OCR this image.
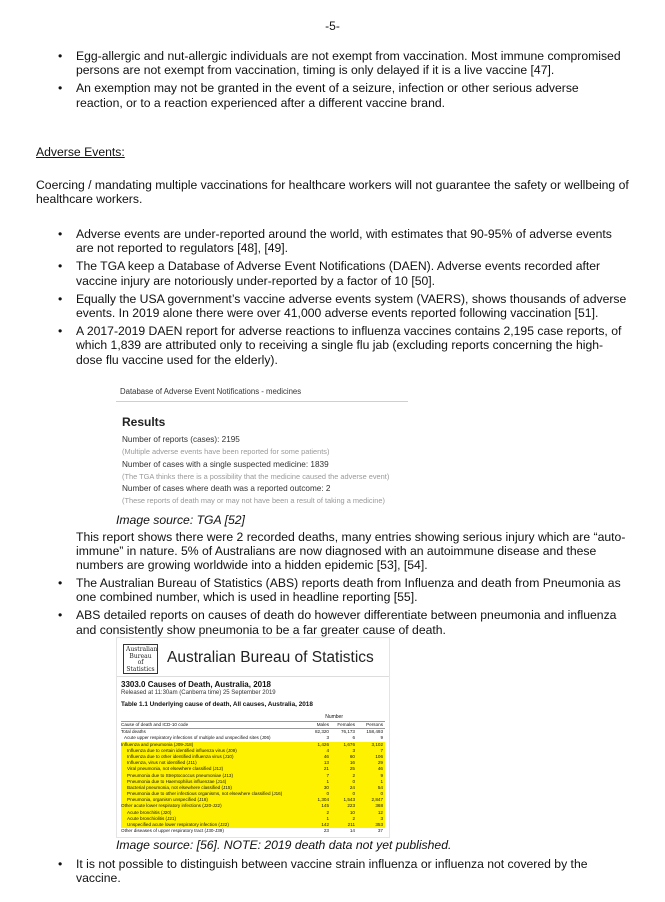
-5-
• Egg-allergic and nut-allergic individuals are not exempt from vaccination. Most immune compromised persons are not exempt from vaccination, timing is only delayed if it is a live vaccine [47].
• An exemption may not be granted in the event of a seizure, infection or other serious adverse reaction, or to a reaction experienced after a different vaccine brand.
Adverse Events:
Coercing / mandating multiple vaccinations for healthcare workers will not guarantee the safety or wellbeing of healthcare workers.
• Adverse events are under-reported around the world, with estimates that 90-95% of adverse events are not reported to regulators [48], [49].
• The TGA keep a Database of Adverse Event Notifications (DAEN). Adverse events recorded after vaccine injury are notoriously under-reported by a factor of 10 [50].
• Equally the USA government’s vaccine adverse events system (VAERS), shows thousands of adverse events. In 2019 alone there were over 41,000 adverse events reported following vaccination [51].
• A 2017-2019 DAEN report for adverse reactions to influenza vaccines contains 2,195 case reports, of which 1,839 are attributed only to receiving a single flu jab (excluding reports concerning the high-dose flu vaccine used for the elderly).
Database of Adverse Event Notifications - medicines
Results
Number of reports (cases): 2195
(Multiple adverse events have been reported for some patients)
Number of cases with a single suspected medicine: 1839
(The TGA thinks there is a possibility that the medicine caused the adverse event)
Number of cases where death was a reported outcome: 2
(These reports of death may or may not have been a result of taking a medicine)
Image source: TGA [52]
This report shows there were 2 recorded deaths, many entries showing serious injury which are “auto-immune” in nature. 5% of Australians are now diagnosed with an autoimmune disease and these numbers are growing worldwide into a hidden epidemic [53], [54].
• The Australian Bureau of Statistics (ABS) reports death from Influenza and death from Pneumonia as one combined number, which is used in headline reporting [55].
• ABS detailed reports on causes of death do however differentiate between pneumonia and influenza and consistently show pneumonia to be a far greater cause of death.
Australian Bureau of Statistics
Australian Bureau of Statistics
3303.0 Causes of Death, Australia, 2018
Released at 11:30am (Canberra time) 25 September 2019
Table 1.1 Underlying cause of death, All causes, Australia, 2018
Number
Cause of death and ICD-10 code	Males	Females	Persons
Total deaths	82,320	76,173	158,493
Acute upper respiratory infections of multiple and unspecified sites (J06)	3	6	9
Influenza and pneumonia (J09-J18)	1,426	1,676	3,102
Influenza due to certain identified influenza virus (J09)	4	3	7
Influenza due to other identified influenza virus (J10)	46	60	106
Influenza, virus not identified (J11)	13	16	29
Viral pneumonia, not elsewhere classified (J12)	21	25	46
Pneumonia due to Streptococcus pneumoniae (J13)	7	2	9
Pneumonia due to Haemophilus influenzae (J14)	1	0	1
Bacterial pneumonia, not elsewhere classified (J15)	30	24	54
Pneumonia due to other infectious organisms, not elsewhere classified (J16)	0	0	0
Pneumonia, organism unspecified (J18)	1,304	1,543	2,847
Other acute lower respiratory infections (J20-J22)	145	223	368
Acute bronchitis (J20)	2	10	12
Acute bronchiolitis (J21)	1	2	3
Unspecified acute lower respiratory infection (J22)	142	211	353
Other diseases of upper respiratory tract (J30-J39)	23	14	37
Image source: [56]. NOTE: 2019 death data not yet published.
• It is not possible to distinguish between vaccine strain influenza or influenza not covered by the vaccine.
